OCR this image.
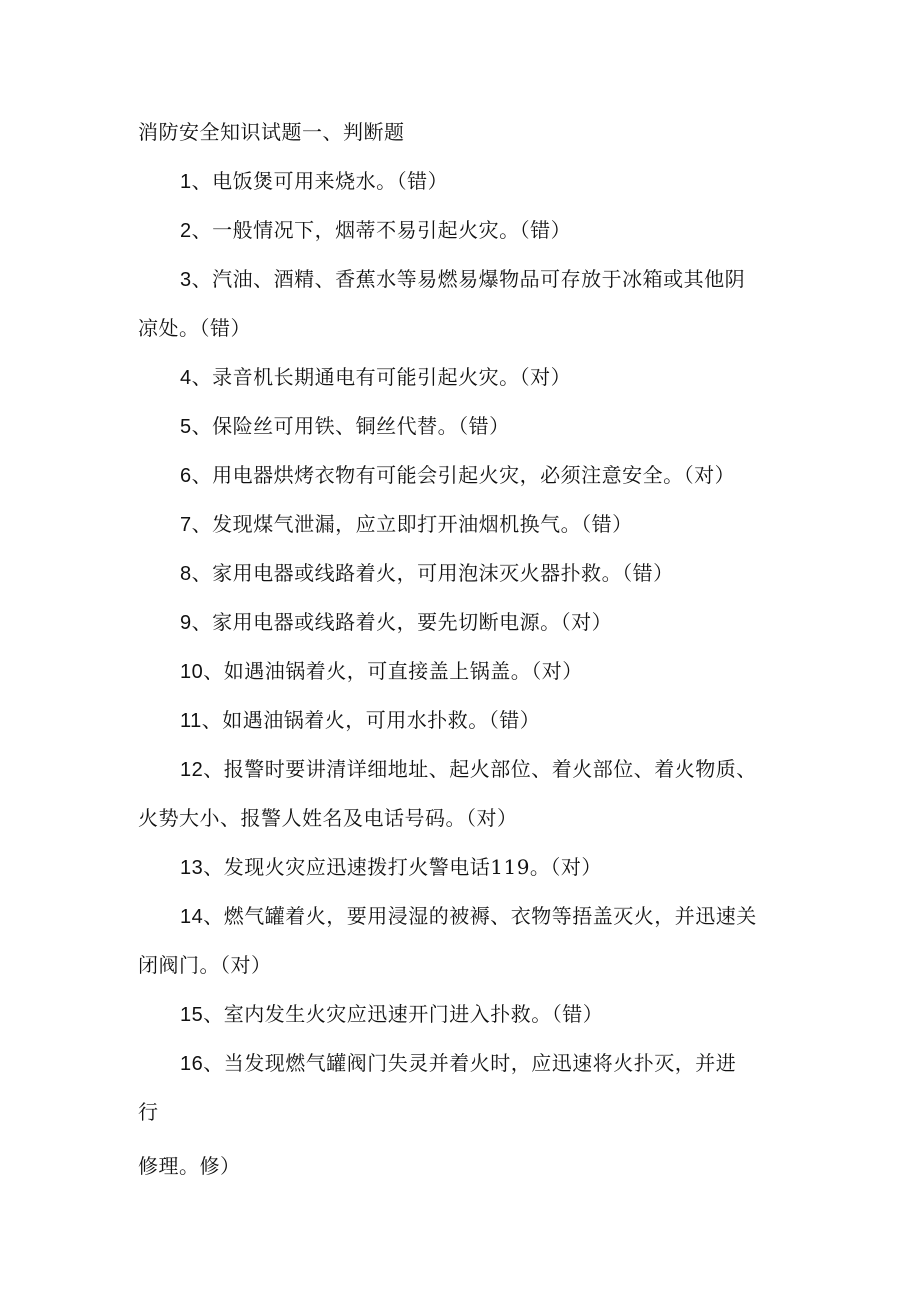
消防安全知识试题一、判断题
1、电饭煲可用来烧水。（错）
2、一般情况下，烟蒂不易引起火灾。（错）
3、汽油、酒精、香蕉水等易燃易爆物品可存放于冰箱或其他阴
凉处。（错）
4、录音机长期通电有可能引起火灾。（对）
5、保险丝可用铁、铜丝代替。（错）
6、用电器烘烤衣物有可能会引起火灾，必须注意安全。（对）
7、发现煤气泄漏，应立即打开油烟机换气。（错）
8、家用电器或线路着火，可用泡沫灭火器扑救。（错）
9、家用电器或线路着火，要先切断电源。（对）
10、如遇油锅着火，可直接盖上锅盖。（对）
11、如遇油锅着火，可用水扑救。（错）
12、报警时要讲清详细地址、起火部位、着火部位、着火物质、
火势大小、报警人姓名及电话号码。（对）
13、发现火灾应迅速拨打火警电话119。（对）
14、燃气罐着火，要用浸湿的被褥、衣物等捂盖灭火，并迅速关
闭阀门。（对）
15、室内发生火灾应迅速开门进入扑救。（错）
16、当发现燃气罐阀门失灵并着火时，应迅速将火扑灭，并进
行
修理。修）
